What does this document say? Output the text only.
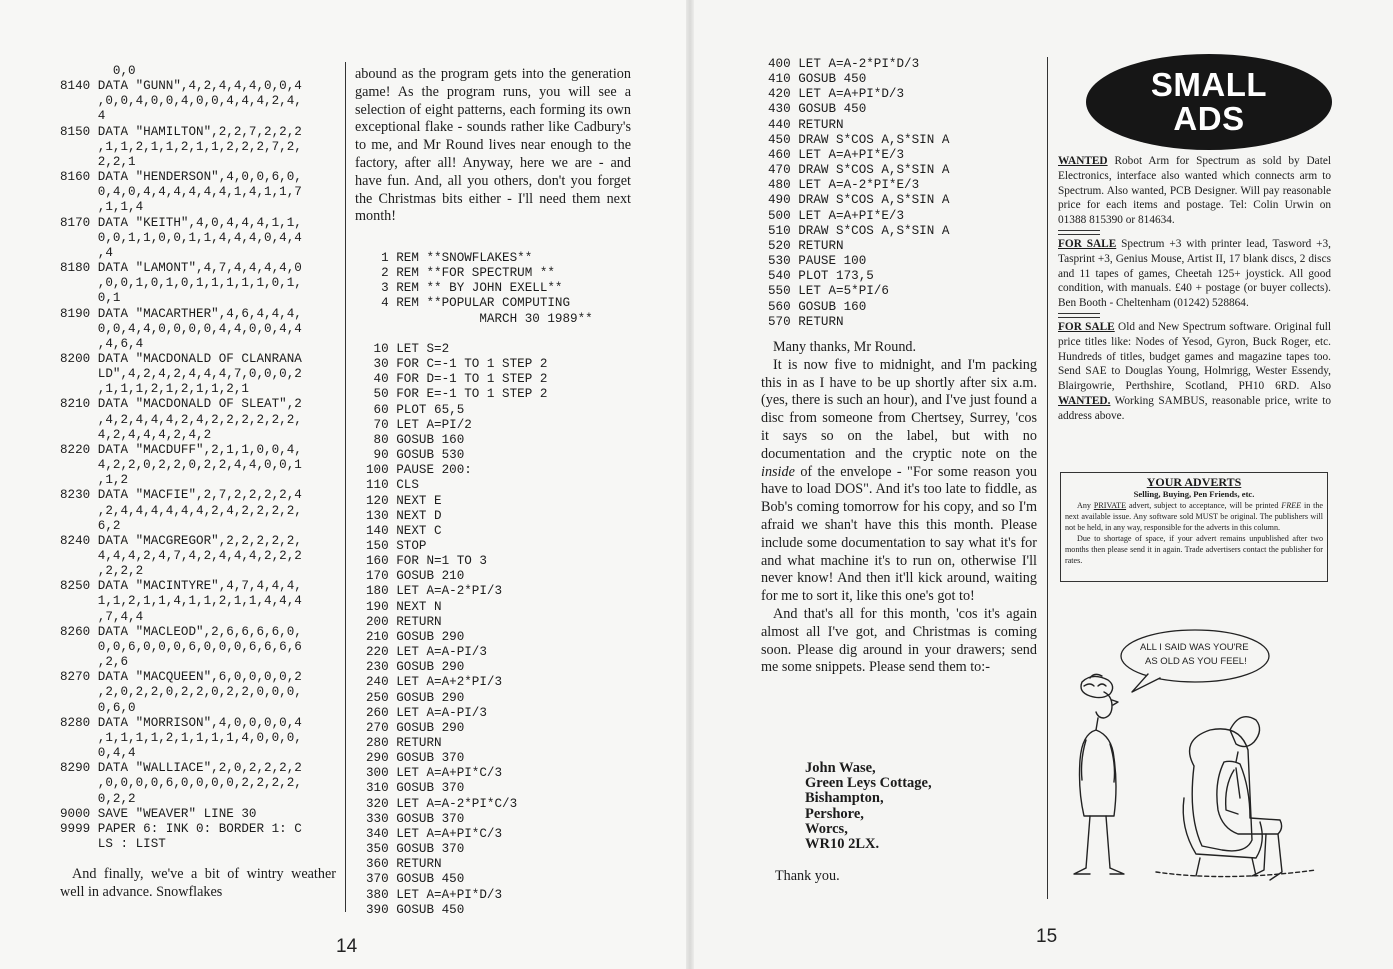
0,0
8140 DATA "GUNN",4,2,4,4,4,0,0,4
,0,0,4,0,0,4,0,0,4,4,4,2,4,
4
8150 DATA "HAMILTON",2,2,7,2,2,2
,1,1,2,1,1,2,1,1,2,2,2,7,2,
2,2,1
8160 DATA "HENDERSON",4,0,0,6,0,
0,4,0,4,4,4,4,4,4,1,4,1,1,7
,1,1,4
8170 DATA "KEITH",4,0,4,4,4,1,1,
0,0,1,1,0,0,1,1,4,4,4,0,4,4
,4
8180 DATA "LAMONT",4,7,4,4,4,4,0
,0,0,1,0,1,0,1,1,1,1,1,0,1,
0,1
8190 DATA "MACARTHER",4,6,4,4,4,
0,0,4,4,0,0,0,0,4,4,0,0,4,4
,4,6,4
8200 DATA "MACDONALD OF CLANRANA
LD",4,2,4,2,4,4,4,7,0,0,0,2
,1,1,1,2,1,2,1,1,2,1
8210 DATA "MACDONALD OF SLEAT",2
,4,2,4,4,4,2,4,2,2,2,2,2,2,
4,2,4,4,4,2,4,2
8220 DATA "MACDUFF",2,1,1,0,0,4,
4,2,2,0,2,2,0,2,2,4,4,0,0,1
,1,2
8230 DATA "MACFIE",2,7,2,2,2,2,4
,2,4,4,4,4,4,4,2,4,2,2,2,2,
6,2
8240 DATA "MACGREGOR",2,2,2,2,2,
4,4,4,2,4,7,4,2,4,4,4,2,2,2
,2,2,2
8250 DATA "MACINTYRE",4,7,4,4,4,
1,1,2,1,1,4,1,1,2,1,1,4,4,4
,7,4,4
8260 DATA "MACLEOD",2,6,6,6,6,0,
0,0,6,0,0,0,6,0,0,0,6,6,6,6
,2,6
8270 DATA "MACQUEEN",6,0,0,0,0,2
,2,0,2,2,0,2,2,0,2,2,0,0,0,
0,6,0
8280 DATA "MORRISON",4,0,0,0,0,4
,1,1,1,1,2,1,1,1,1,4,0,0,0,
0,4,4
8290 DATA "WALLIACE",2,0,2,2,2,2
,0,0,0,0,6,0,0,0,0,2,2,2,2,
0,2,2
9000 SAVE "WEAVER" LINE 30
9999 PAPER 6: INK 0: BORDER 1: C
LS : LIST

And finally, we've a bit of wintry weather well in advance. Snowflakes

abound as the program gets into the generation game! As the program runs, you will see a selection of eight patterns, each forming its own exceptional flake - sounds rather like Cadbury's to me, and Mr Round lives near enough to the factory, after all! Anyway, here we are - and have fun. And, all you others, don't you forget the Christmas bits either - I'll need them next month!

1 REM **SNOWFLAKES**
2 REM **FOR SPECTRUM **
3 REM ** BY JOHN EXELL**
4 REM **POPULAR COMPUTING
MARCH 30 1989**

10 LET S=2
30 FOR C=-1 TO 1 STEP 2
40 FOR D=-1 TO 1 STEP 2
50 FOR E=-1 TO 1 STEP 2
60 PLOT 65,5
70 LET A=PI/2
80 GOSUB 160
90 GOSUB 530
100 PAUSE 200:
110 CLS
120 NEXT E
130 NEXT D
140 NEXT C
150 STOP
160 FOR N=1 TO 3
170 GOSUB 210
180 LET A=A-2*PI/3
190 NEXT N
200 RETURN
210 GOSUB 290
220 LET A=A-PI/3
230 GOSUB 290
240 LET A=A+2*PI/3
250 GOSUB 290
260 LET A=A-PI/3
270 GOSUB 290
280 RETURN
290 GOSUB 370
300 LET A=A+PI*C/3
310 GOSUB 370
320 LET A=A-2*PI*C/3
330 GOSUB 370
340 LET A=A+PI*C/3
350 GOSUB 370
360 RETURN
370 GOSUB 450
380 LET A=A+PI*D/3
390 GOSUB 450
14
400 LET A=A-2*PI*D/3
410 GOSUB 450
420 LET A=A+PI*D/3
430 GOSUB 450
440 RETURN
450 DRAW S*COS A,S*SIN A
460 LET A=A+PI*E/3
470 DRAW S*COS A,S*SIN A
480 LET A=A-2*PI*E/3
490 DRAW S*COS A,S*SIN A
500 LET A=A+PI*E/3
510 DRAW S*COS A,S*SIN A
520 RETURN
530 PAUSE 100
540 PLOT 173,5
550 LET A=5*PI/6
560 GOSUB 160
570 RETURN

Many thanks, Mr Round.

It is now five to midnight, and I'm packing this in as I have to be up shortly after six a.m. (yes, there is such an hour), and I've just found a disc from someone from Chertsey, Surrey, 'cos it says so on the label, but with no documentation and the cryptic note on the inside of the envelope - "For some reason you have to load DOS". And it's too late to fiddle, as Bob's coming tomorrow for his copy, and so I'm afraid we shan't have this this month. Please include some documentation to say what it's for and what machine it's to run on, otherwise I'll never know! And then it'll kick around, waiting for me to sort it, like this one's got to!

And that's all for this month, 'cos it's again almost all I've got, and Christmas is coming soon. Please dig around in your drawers; send me some snippets. Please send them to:-

John Wase,
Green Leys Cottage,
Bishampton,
Pershore,
Worcs,
WR10 2LX.
Thank you.
15
SMALL
ADS

WANTED Robot Arm for Spectrum as sold by Datel Electronics, interface also wanted which connects arm to Spectrum. Also wanted, PCB Designer. Will pay reasonable price for each items and postage. Tel: Colin Urwin on 01388 815390 or 814634.

FOR SALE Spectrum +3 with printer lead, Tasword +3, Tasprint +3, Genius Mouse, Artist II, 17 blank discs, 2 discs and 11 tapes of games, Cheetah 125+ joystick. All good condition, with manuals. £40 + postage (or buyer collects). Ben Booth - Cheltenham (01242) 528864.

FOR SALE Old and New Spectrum software. Original full price titles like: Nodes of Yesod, Gyron, Buck Roger, etc. Hundreds of titles, budget games and magazine tapes too. Send SAE to Douglas Young, Holmrigg, Wester Essendy, Blairgowrie, Perthshire, Scotland, PH10 6RD. Also WANTED. Working SAMBUS, reasonable price, write to address above.

YOUR ADVERTS
Selling, Buying, Pen Friends, etc.

Any PRIVATE advert, subject to acceptance, will be printed FREE in the next available issue. Any software sold MUST be original. The publishers will not be held, in any way, responsible for the adverts in this column.

Due to shortage of space, if your advert remains unpublished after two months then please send it in again. Trade advertisers contact the publisher for rates.

ALL I SAID WAS YOU'RE
AS OLD AS YOU FEEL!
